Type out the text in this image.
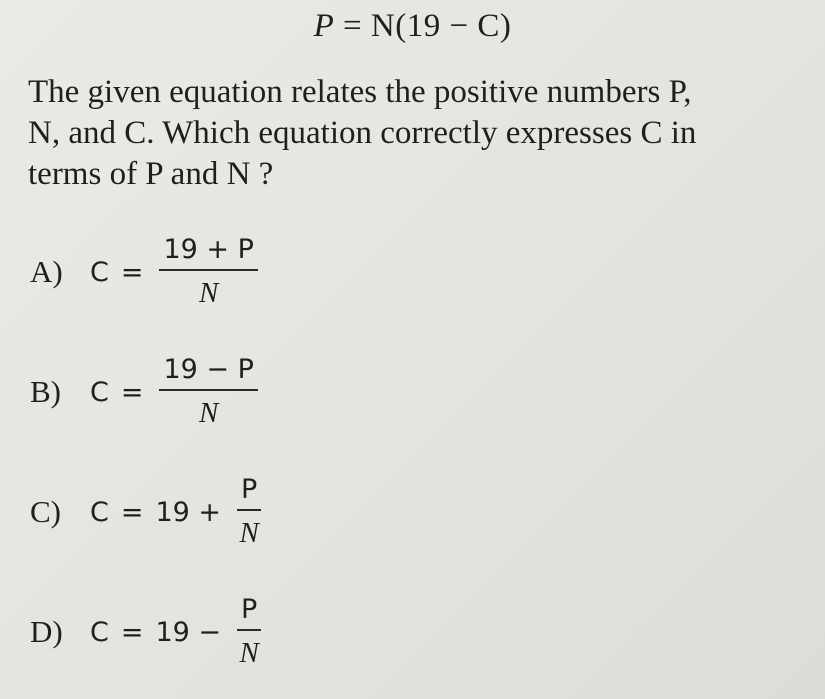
P = N(19 − C)
The given equation relates the positive numbers P,
N, and C. Which equation correctly expresses C in
terms of P and N ?
A)	$C = \frac{19 + P}{N}$
B)	$C = \frac{19 - P}{N}$
C)	$C = 19 + \frac{P}{N}$
D)	$C = 19 - \frac{P}{N}$
